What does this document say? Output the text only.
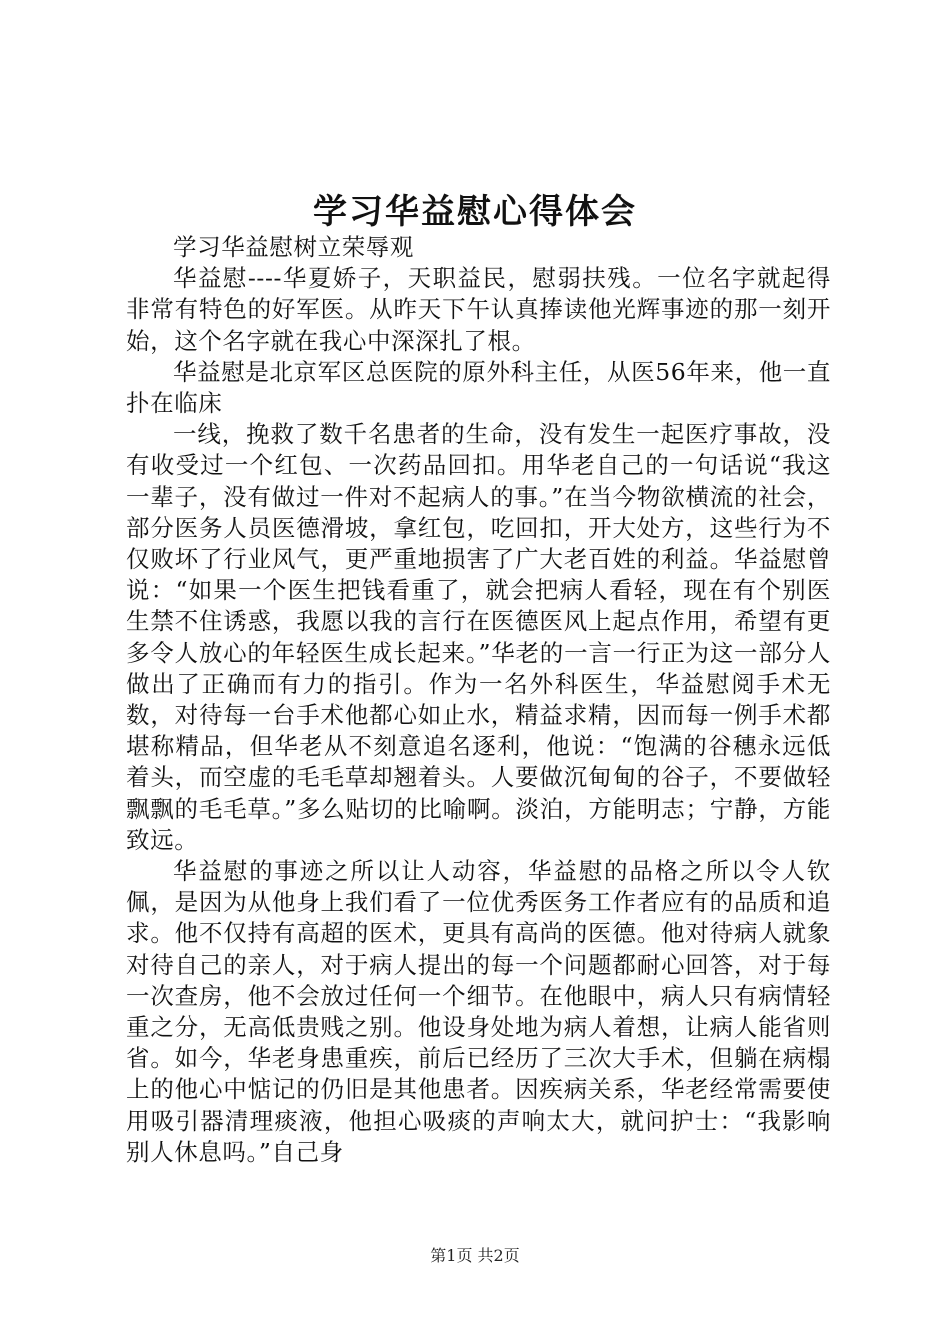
学习华益慰心得体会

学习华益慰树立荣辱观

华益慰----华夏娇子，天职益民，慰弱扶残。一位名字就起得非常有特色的好军医。从昨天下午认真捧读他光辉事迹的那一刻开始，这个名字就在我心中深深扎了根。

华益慰是北京军区总医院的原外科主任，从医56年来，他一直扑在临床

一线，挽救了数千名患者的生命，没有发生一起医疗事故，没有收受过一个红包、一次药品回扣。用华老自己的一句话说“我这一辈子，没有做过一件对不起病人的事。”在当今物欲横流的社会，部分医务人员医德滑坡，拿红包，吃回扣，开大处方，这些行为不仅败坏了行业风气，更严重地损害了广大老百姓的利益。华益慰曾说：“如果一个医生把钱看重了，就会把病人看轻，现在有个别医生禁不住诱惑，我愿以我的言行在医德医风上起点作用，希望有更多令人放心的年轻医生成长起来。”华老的一言一行正为这一部分人做出了正确而有力的指引。作为一名外科医生，华益慰阅手术无数，对待每一台手术他都心如止水，精益求精，因而每一例手术都堪称精品，但华老从不刻意追名逐利，他说：“饱满的谷穗永远低着头，而空虚的毛毛草却翘着头。人要做沉甸甸的谷子，不要做轻飘飘的毛毛草。”多么贴切的比喻啊。淡泊，方能明志；宁静，方能致远。

华益慰的事迹之所以让人动容，华益慰的品格之所以令人钦佩，是因为从他身上我们看了一位优秀医务工作者应有的品质和追求。他不仅持有高超的医术，更具有高尚的医德。他对待病人就象对待自己的亲人，对于病人提出的每一个问题都耐心回答，对于每一次查房，他不会放过任何一个细节。在他眼中，病人只有病情轻重之分，无高低贵贱之别。他设身处地为病人着想，让病人能省则省。如今，华老身患重疾，前后已经历了三次大手术，但躺在病榻上的他心中惦记的仍旧是其他患者。因疾病关系，华老经常需要使用吸引器清理痰液，他担心吸痰的声响太大，就问护士：“我影响别人休息吗。”自己身

第1页 共2页
